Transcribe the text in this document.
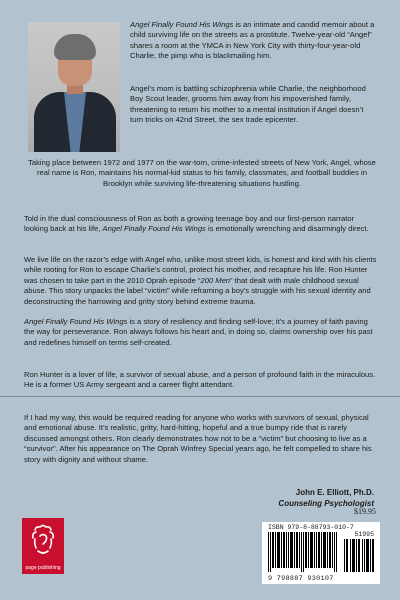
Angel Finally Found His Wings is an intimate and candid memoir about a child surviving life on the streets as a prostitute. Twelve-year-old “Angel” shares a room at the YMCA in New York City with thirty-four-year-old Charlie, the pimp who is blackmailing him.

Angel’s mom is battling schizophrenia while Charlie, the neighborhood Boy Scout leader, grooms him away from his impoverished family, threatening to return his mother to a mental institution if Angel doesn’t turn tricks on 42nd Street, the sex trade epicenter.

Taking place between 1972 and 1977 on the war-torn, crime-infested streets of New York, Angel, whose real name is Ron, maintains his normal-kid status to his family, classmates, and football buddies in Brooklyn while surviving life-threatening situations hustling.

Told in the dual consciousness of Ron as both a growing teenage boy and our first-person narrator looking back at his life, Angel Finally Found His Wings is emotionally wrenching and disarmingly direct.

We live life on the razor’s edge with Angel who, unlike most street kids, is honest and kind with his clients while rooting for Ron to escape Charlie’s control, protect his mother, and recapture his life. Ron Hunter was chosen to take part in the 2010 Oprah episode “200 Men” that dealt with male childhood sexual abuse. This story unpacks the label “victim” while reframing a boy’s struggle with his sexual identity and deconstructing the harrowing and gritty story behind extreme trauma.

Angel Finally Found His Wings is a story of resiliency and finding self-love; it’s a journey of faith paving the way for perseverance. Ron always follows his heart and, in doing so, claims ownership over his past and redefines himself on terms self-created.

Ron Hunter is a lover of life, a survivor of sexual abuse, and a person of profound faith in the miraculous. He is a former US Army sergeant and a career flight attendant.

If I had my way, this would be required reading for anyone who works with survivors of sexual, physical and emotional abuse. It’s realistic, gritty, hard-hitting, hopeful and a true bumpy ride that is rarely discussed amongst others. Ron clearly demonstrates how not to be a “victim” but choosing to live as a “survivor”. After his appearance on The Oprah Winfrey Special years ago, he felt compelled to share his story with dignity and without shame.

John E. Elliott, Ph.D.
Counseling Psychologist
page publishing
$19.95
ISBN 979-8-88793-010-7
51995
9 798887 930107
